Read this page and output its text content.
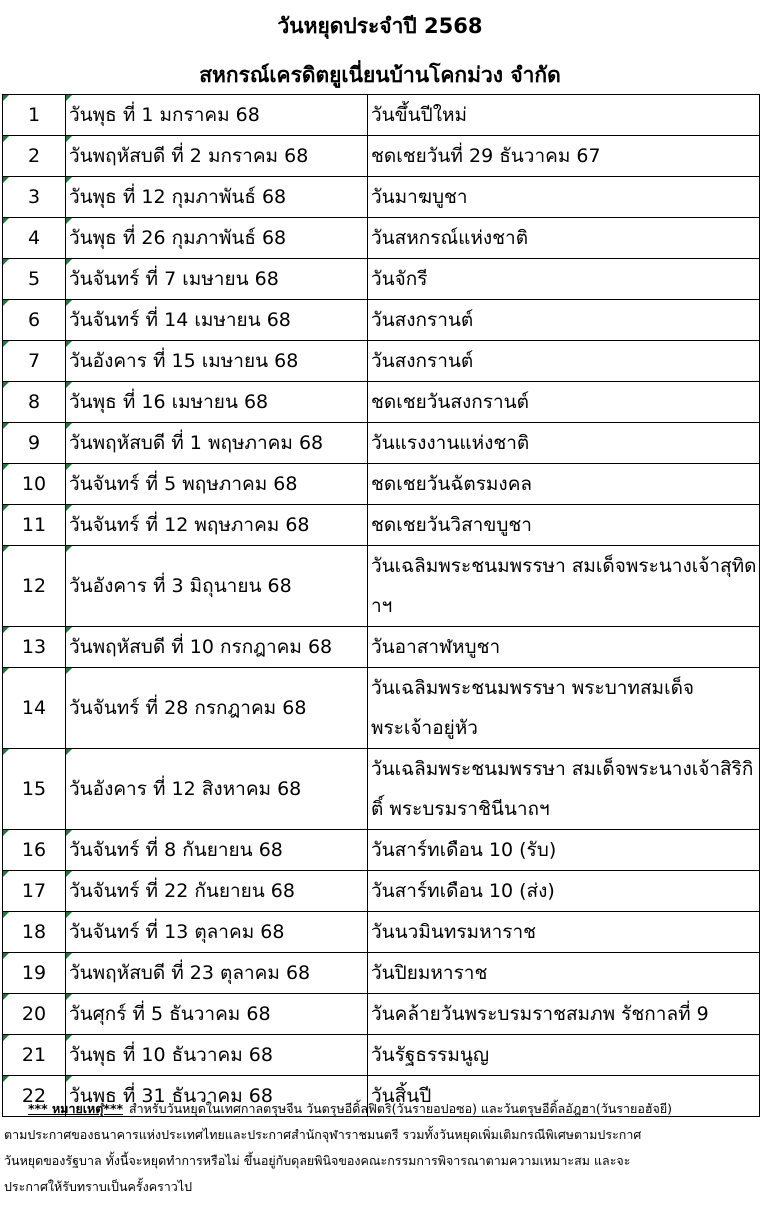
วันหยุดประจำปี 2568
สหกรณ์เครดิตยูเนี่ยนบ้านโคกม่วง จำกัด
1	วันพุธ ที่ 1 มกราคม 68	วันขึ้นปีใหม่
2	วันพฤหัสบดี ที่ 2 มกราคม 68	ชดเชยวันที่ 29 ธันวาคม 67
3	วันพุธ ที่ 12 กุมภาพันธ์ 68	วันมาฆบูชา
4	วันพุธ ที่ 26 กุมภาพันธ์ 68	วันสหกรณ์แห่งชาติ
5	วันจันทร์ ที่ 7 เมษายน 68	วันจักรี
6	วันจันทร์ ที่ 14 เมษายน 68	วันสงกรานต์
7	วันอังคาร ที่ 15 เมษายน 68	วันสงกรานต์
8	วันพุธ ที่ 16 เมษายน 68	ชดเชยวันสงกรานต์
9	วันพฤหัสบดี ที่ 1 พฤษภาคม 68	วันแรงงานแห่งชาติ
10	วันจันทร์ ที่ 5 พฤษภาคม 68	ชดเชยวันฉัตรมงคล
11	วันจันทร์ ที่ 12 พฤษภาคม 68	ชดเชยวันวิสาขบูชา
12	วันอังคาร ที่ 3 มิถุนายน 68	วันเฉลิมพระชนมพรรษา สมเด็จพระนางเจ้าสุทิดาฯ
13	วันพฤหัสบดี ที่ 10 กรกฎาคม 68	วันอาสาฬหบูชา
14	วันจันทร์ ที่ 28 กรกฎาคม 68	วันเฉลิมพระชนมพรรษา พระบาทสมเด็จพระเจ้าอยู่หัว
15	วันอังคาร ที่ 12 สิงหาคม 68	วันเฉลิมพระชนมพรรษา สมเด็จพระนางเจ้าสิริกิติ์ พระบรมราชินีนาถฯ
16	วันจันทร์ ที่ 8 กันยายน 68	วันสาร์ทเดือน 10 (รับ)
17	วันจันทร์ ที่ 22 กันยายน 68	วันสาร์ทเดือน 10 (ส่ง)
18	วันจันทร์ ที่ 13 ตุลาคม 68	วันนวมินทรมหาราช
19	วันพฤหัสบดี ที่ 23 ตุลาคม 68	วันปิยมหาราช
20	วันศุกร์ ที่ 5 ธันวาคม 68	วันคล้ายวันพระบรมราชสมภพ รัชกาลที่ 9
21	วันพุธ ที่ 10 ธันวาคม 68	วันรัฐธรรมนูญ
22	วันพุธ ที่ 31 ธันวาคม 68	วันสิ้นปี
*** หมายเหตุ*** สำหรับวันหยุดในเทศกาลตรุษจีน วันตรุษอีดิ้ลฟิตริ(วันรายอปอซอ) และวันตรุษอีดิ้ลอัฎฮา(วันรายอฮัจยี)
ตามประกาศของธนาคารแห่งประเทศไทยและประกาศสำนักจุฬาราชมนตรี รวมทั้งวันหยุดเพิ่มเติมกรณีพิเศษตามประกาศ
วันหยุดของรัฐบาล ทั้งนี้จะหยุดทำการหรือไม่ ขึ้นอยู่กับดุลยพินิจของคณะกรรมการพิจารณาตามความเหมาะสม และจะ
ประกาศให้รับทราบเป็นครั้งคราวไป
